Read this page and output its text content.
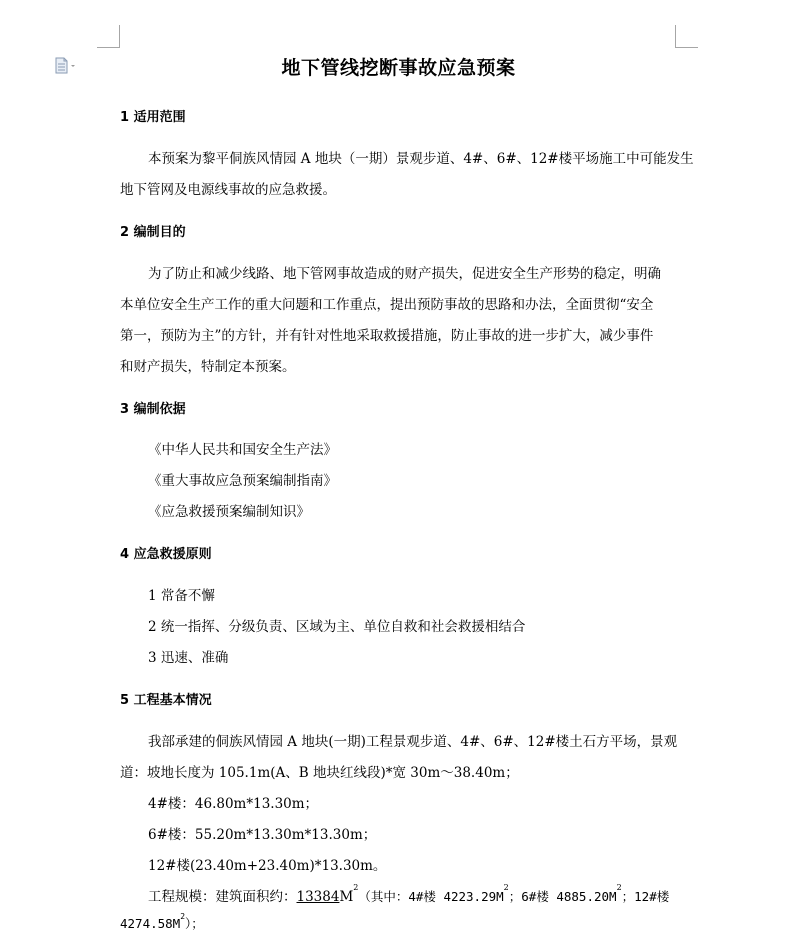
地下管线挖断事故应急预案
1 适用范围
本预案为黎平侗族风情园 A 地块（一期）景观步道、4#、6#、12#楼平场施工中可能发生
地下管网及电源线事故的应急救援。
2 编制目的
为了防止和减少线路、地下管网事故造成的财产损失，促进安全生产形势的稳定，明确
本单位安全生产工作的重大问题和工作重点，提出预防事故的思路和办法，全面贯彻“安全
第一，预防为主”的方针，并有针对性地采取救援措施，防止事故的进一步扩大，减少事件
和财产损失，特制定本预案。
3 编制依据
《中华人民共和国安全生产法》
《重大事故应急预案编制指南》
《应急救援预案编制知识》
4 应急救援原则
1 常备不懈
2 统一指挥、分级负责、区域为主、单位自救和社会救援相结合
3 迅速、准确
5 工程基本情况
我部承建的侗族风情园 A 地块(一期)工程景观步道、4#、6#、12#楼土石方平场，景观
道：坡地长度为 105.1m(A、B 地块红线段)*宽 30m～38.40m；
4#楼：46.80m*13.30m；
6#楼：55.20m*13.30m*13.30m；
12#楼(23.40m+23.40m)*13.30m。
工程规模：建筑面积约：$13384M^2$（其中：4#楼 $4223.29M^2$；6#楼 $4885.20M^2$；12#楼
$4274.58M^2$）；
